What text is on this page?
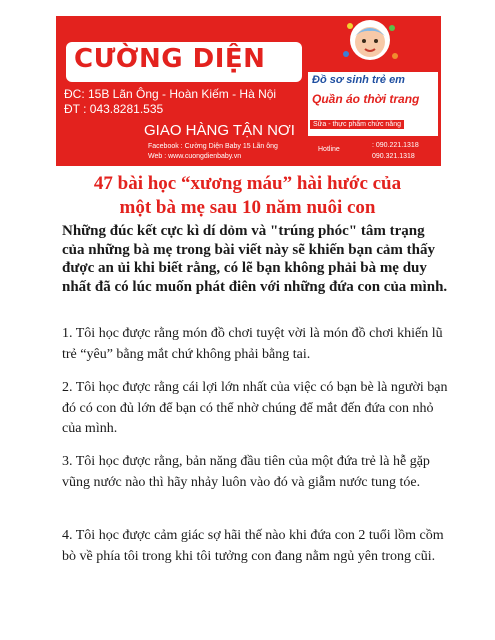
CƯỜNG DIỆN
ĐC: 15B Lãn Ông - Hoàn Kiếm - Hà Nội
ĐT : 043.8281.535
GIAO HÀNG TẬN NƠI
Facebook : Cường Diện Baby 15 Lãn ông
Web : www.cuongdienbaby.vn
Hotline
: 090.221.1318
090.321.1318
Đồ sơ sinh trẻ em
Quần áo thời trang
Sữa - thực phẩm chức năng
47 bài học “xương máu” hài hước của
một bà mẹ sau 10 năm nuôi con

Những đúc kết cực kì dí dỏm và "trúng phóc" tâm trạng của những bà mẹ trong bài viết này sẽ khiến bạn cảm thấy được an ủi khi biết rằng, có lẽ bạn không phải bà mẹ duy nhất đã có lúc muốn phát điên với những đứa con của mình.

1. Tôi học được rằng món đồ chơi tuyệt vời là món đồ chơi khiến lũ trẻ “yêu” bằng mắt chứ không phải bằng tai.

2. Tôi học được rằng cái lợi lớn nhất của việc có bạn bè là người bạn đó có con đủ lớn để bạn có thể nhờ chúng để mắt đến đứa con nhỏ của mình.

3. Tôi học được rằng, bản năng đầu tiên của một đứa trẻ là hễ gặp vũng nước nào thì hãy nhảy luôn vào đó và giẫm nước tung tóe.

4. Tôi học được cảm giác sợ hãi thế nào khi đứa con 2 tuổi lồm cồm bò về phía tôi trong khi tôi tưởng con đang nằm ngủ yên trong cũi.
